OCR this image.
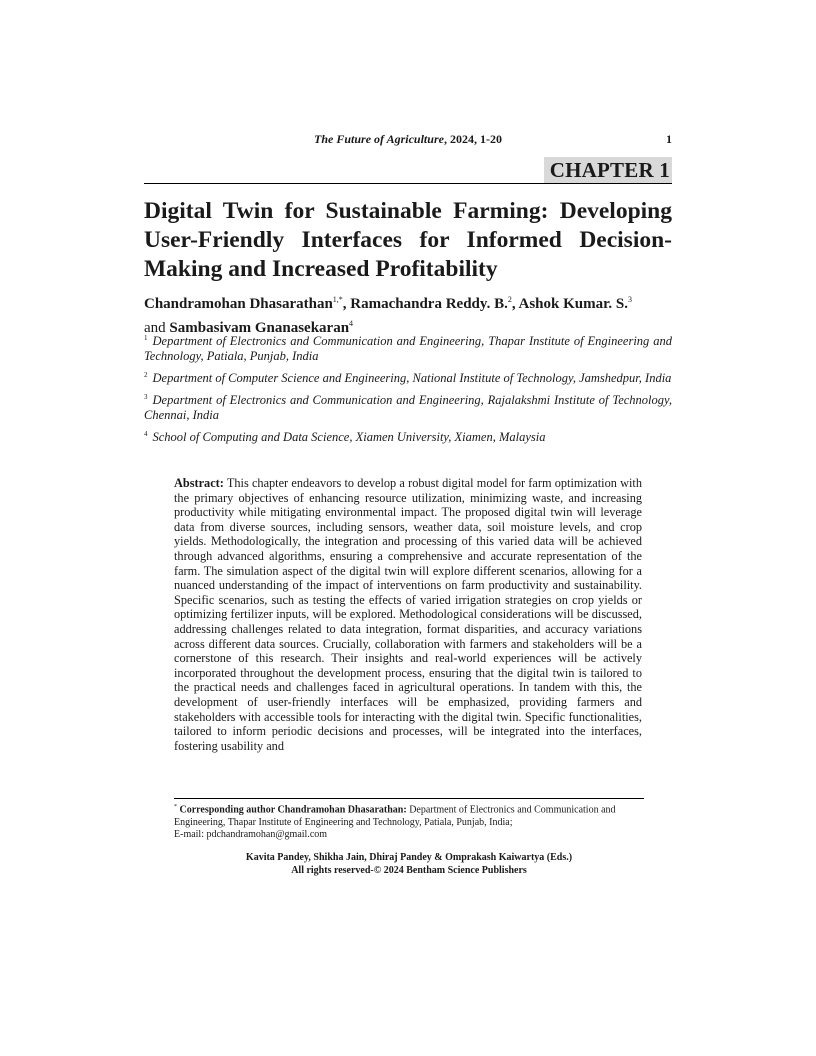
The Future of Agriculture, 2024, 1-20	1
CHAPTER 1
Digital Twin for Sustainable Farming: Developing User-Friendly Interfaces for Informed Decision-Making and Increased Profitability
Chandramohan Dhasarathan$^{1,*}$, Ramachandra Reddy. B.$^2$, Ashok Kumar. S.$^3$
and Sambasivam Gnanasekaran$^4$
$^1$ Department of Electronics and Communication and Engineering, Thapar Institute of Engineering and Technology, Patiala, Punjab, India
$^2$ Department of Computer Science and Engineering, National Institute of Technology, Jamshedpur, India
$^3$ Department of Electronics and Communication and Engineering, Rajalakshmi Institute of Technology, Chennai, India
$^4$ School of Computing and Data Science, Xiamen University, Xiamen, Malaysia
Abstract: This chapter endeavors to develop a robust digital model for farm optimization with the primary objectives of enhancing resource utilization, minimizing waste, and increasing productivity while mitigating environmental impact. The proposed digital twin will leverage data from diverse sources, including sensors, weather data, soil moisture levels, and crop yields. Methodologically, the integration and processing of this varied data will be achieved through advanced algorithms, ensuring a comprehensive and accurate representation of the farm. The simulation aspect of the digital twin will explore different scenarios, allowing for a nuanced understanding of the impact of interventions on farm productivity and sustainability. Specific scenarios, such as testing the effects of varied irrigation strategies on crop yields or optimizing fertilizer inputs, will be explored. Methodological considerations will be discussed, addressing challenges related to data integration, format disparities, and accuracy variations across different data sources. Crucially, collaboration with farmers and stakeholders will be a cornerstone of this research. Their insights and real-world experiences will be actively incorporated throughout the development process, ensuring that the digital twin is tailored to the practical needs and challenges faced in agricultural operations. In tandem with this, the development of user-friendly interfaces will be emphasized, providing farmers and stakeholders with accessible tools for interacting with the digital twin. Specific functionalities, tailored to inform periodic decisions and processes, will be integrated into the interfaces, fostering usability and
* Corresponding author Chandramohan Dhasarathan: Department of Electronics and Communication and Engineering, Thapar Institute of Engineering and Technology, Patiala, Punjab, India;
E-mail: pdchandramohan@gmail.com
Kavita Pandey, Shikha Jain, Dhiraj Pandey & Omprakash Kaiwartya (Eds.)
All rights reserved-© 2024 Bentham Science Publishers
